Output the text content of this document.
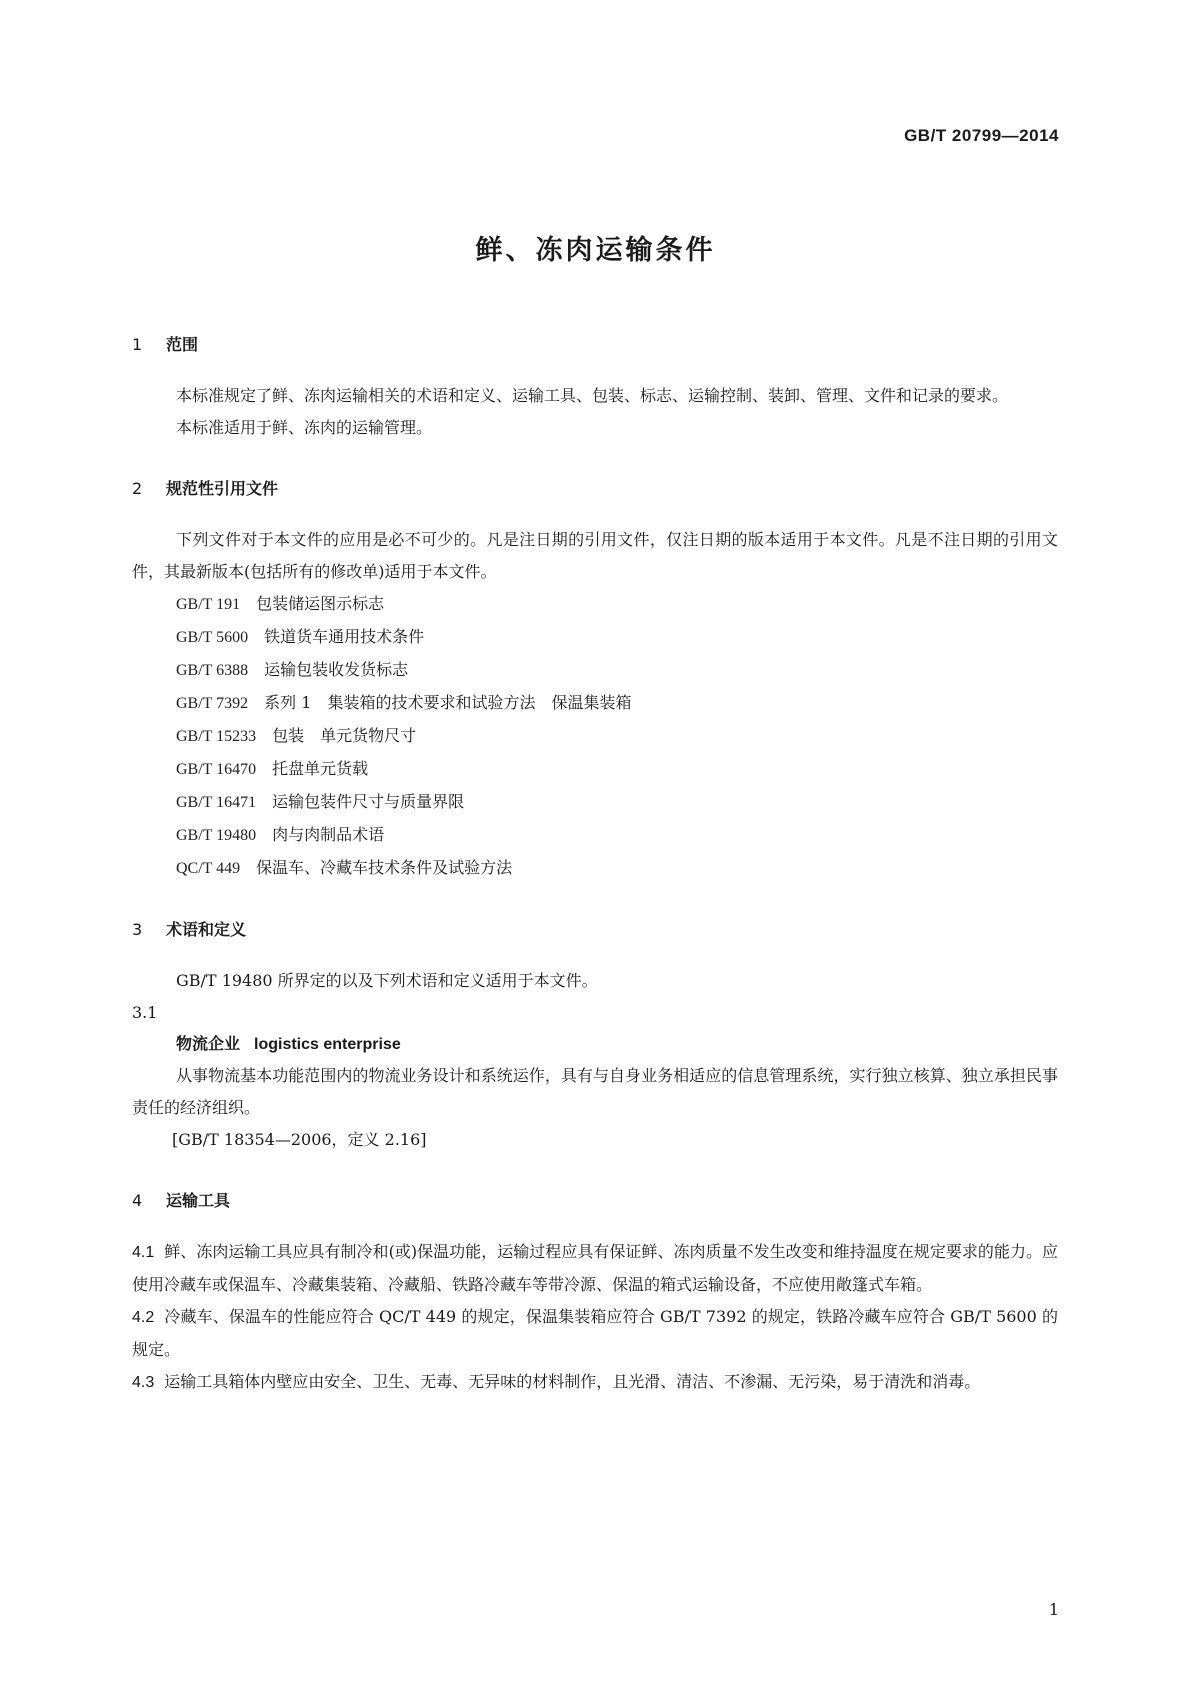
GB/T 20799—2014
鲜、冻肉运输条件
1 范围

本标准规定了鲜、冻肉运输相关的术语和定义、运输工具、包装、标志、运输控制、装卸、管理、文件和记录的要求。

本标准适用于鲜、冻肉的运输管理。

2 规范性引用文件

下列文件对于本文件的应用是必不可少的。凡是注日期的引用文件，仅注日期的版本适用于本文件。凡是不注日期的引用文件，其最新版本(包括所有的修改单)适用于本文件。

GB/T 191　 包装储运图示标志
GB/T 5600　 铁道货车通用技术条件
GB/T 6388　 运输包装收发货标志
GB/T 7392　 系列 1　集装箱的技术要求和试验方法　保温集装箱
GB/T 15233　 包装　单元货物尺寸
GB/T 16470　 托盘单元货载
GB/T 16471　 运输包装件尺寸与质量界限
GB/T 19480　 肉与肉制品术语
QC/T 449　 保温车、冷藏车技术条件及试验方法
3 术语和定义

GB/T 19480 所界定的以及下列术语和定义适用于本文件。

3.1

物流企业 logistics enterprise

从事物流基本功能范围内的物流业务设计和系统运作，具有与自身业务相适应的信息管理系统，实行独立核算、独立承担民事责任的经济组织。

[GB/T 18354—2006，定义 2.16]
4 运输工具

4.1 鲜、冻肉运输工具应具有制冷和(或)保温功能，运输过程应具有保证鲜、冻肉质量不发生改变和维持温度在规定要求的能力。应使用冷藏车或保温车、冷藏集装箱、冷藏船、铁路冷藏车等带冷源、保温的箱式运输设备，不应使用敞篷式车箱。

4.2 冷藏车、保温车的性能应符合 QC/T 449 的规定，保温集装箱应符合 GB/T 7392 的规定，铁路冷藏车应符合 GB/T 5600 的规定。

4.3 运输工具箱体内壁应由安全、卫生、无毒、无异味的材料制作，且光滑、清洁、不渗漏、无污染，易于清洗和消毒。

1
